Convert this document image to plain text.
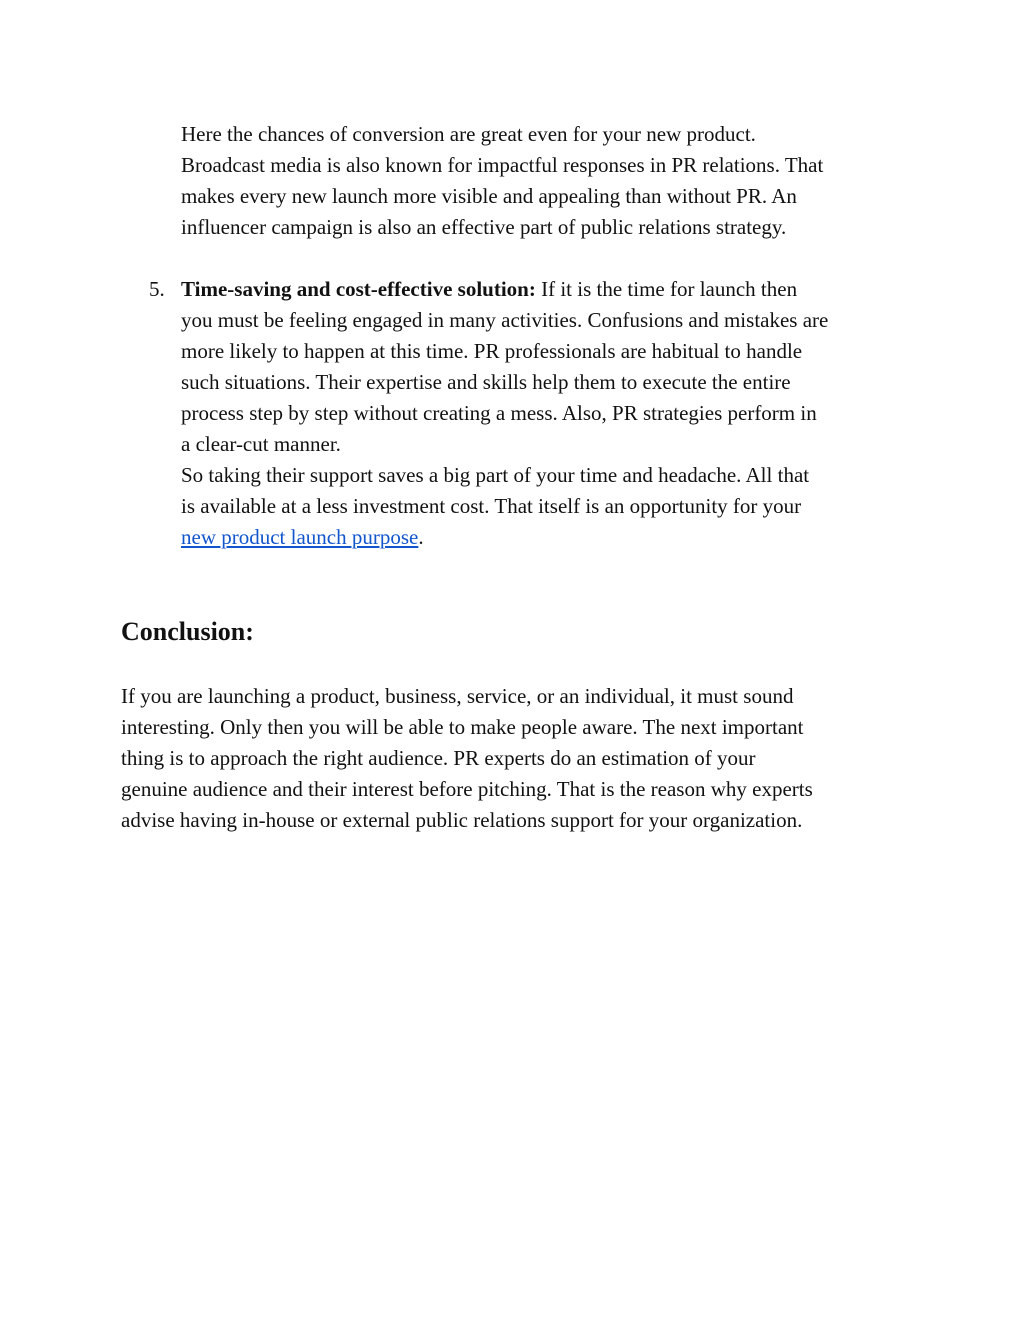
Here the chances of conversion are great even for your new product.
Broadcast media is also known for impactful responses in PR relations. That
makes every new launch more visible and appealing than without PR. An
influencer campaign is also an effective part of public relations strategy.
5. Time-saving and cost-effective solution: If it is the time for launch then
you must be feeling engaged in many activities. Confusions and mistakes are
more likely to happen at this time. PR professionals are habitual to handle
such situations. Their expertise and skills help them to execute the entire
process step by step without creating a mess. Also, PR strategies perform in
a clear-cut manner.
So taking their support saves a big part of your time and headache. All that
is available at a less investment cost. That itself is an opportunity for your
new product launch purpose.
Conclusion:
If you are launching a product, business, service, or an individual, it must sound
interesting. Only then you will be able to make people aware. The next important
thing is to approach the right audience. PR experts do an estimation of your
genuine audience and their interest before pitching. That is the reason why experts
advise having in-house or external public relations support for your organization.
